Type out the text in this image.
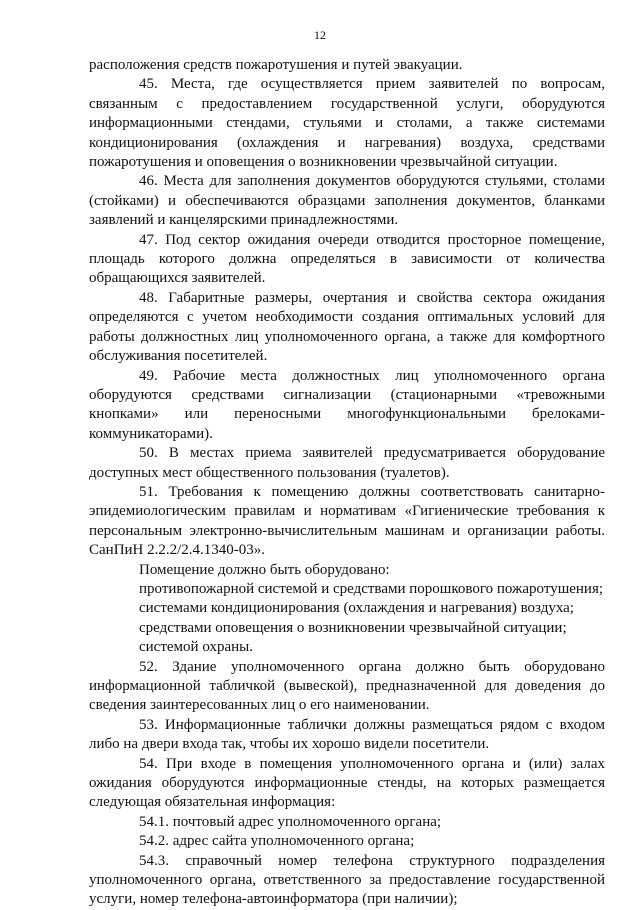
12

расположения средств пожаротушения и путей эвакуации.

45. Места, где осуществляется прием заявителей по вопросам, связанным с предоставлением государственной услуги, оборудуются информационными стендами, стульями и столами, а также системами кондиционирования (охлаждения и нагревания) воздуха, средствами пожаротушения и оповещения о возникновении чрезвычайной ситуации.

46. Места для заполнения документов оборудуются стульями, столами (стойками) и обеспечиваются образцами заполнения документов, бланками заявлений и канцелярскими принадлежностями.

47. Под сектор ожидания очереди отводится просторное помещение, площадь которого должна определяться в зависимости от количества обращающихся заявителей.

48. Габаритные размеры, очертания и свойства сектора ожидания определяются с учетом необходимости создания оптимальных условий для работы должностных лиц уполномоченного органа, а также для комфортного обслуживания посетителей.

49. Рабочие места должностных лиц уполномоченного органа оборудуются средствами сигнализации (стационарными «тревожными кнопками» или переносными многофункциональными брелоками-коммуникаторами).

50. В местах приема заявителей предусматривается оборудование доступных мест общественного пользования (туалетов).

51. Требования к помещению должны соответствовать санитарно-эпидемиологическим правилам и нормативам «Гигиенические требования к персональным электронно-вычислительным машинам и организации работы. СанПиН 2.2.2/2.4.1340-03».

Помещение должно быть оборудовано:

противопожарной системой и средствами порошкового пожаротушения;

системами кондиционирования (охлаждения и нагревания) воздуха;

средствами оповещения о возникновении чрезвычайной ситуации;

системой охраны.

52. Здание уполномоченного органа должно быть оборудовано информационной табличкой (вывеской), предназначенной для доведения до сведения заинтересованных лиц о его наименовании.

53. Информационные таблички должны размещаться рядом с входом либо на двери входа так, чтобы их хорошо видели посетители.

54. При входе в помещения уполномоченного органа и (или) залах ожидания оборудуются информационные стенды, на которых размещается следующая обязательная информация:

54.1. почтовый адрес уполномоченного органа;

54.2. адрес сайта уполномоченного органа;

54.3. справочный номер телефона структурного подразделения уполномоченного органа, ответственного за предоставление государственной услуги, номер телефона-автоинформатора (при наличии);
